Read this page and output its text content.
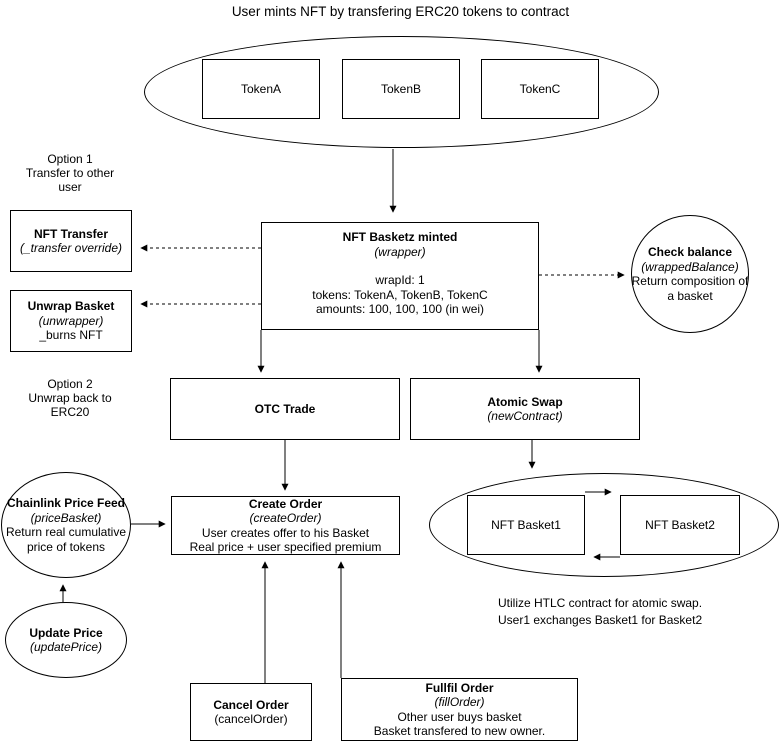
User mints NFT by transfering ERC20 tokens to contract
TokenA	TokenB	TokenC
Option 1
Transfer to other
user
NFT Transfer
(_transfer override)
Unwrap Basket
(unwrapper)
_burns NFT
NFT Basketz minted
(wrapper)
wrapId: 1
tokens: TokenA, TokenB, TokenC
amounts: 100, 100, 100 (in wei)
Check balance
(wrappedBalance)
Return composition of
a basket
Option 2
Unwrap back to
ERC20	OTC Trade
Atomic Swap
(newContract)
Chainlink Price Feed
(priceBasket)
Return real cumulative
price of tokens
Create Order
(createOrder)
User creates offer to his Basket
Real price + user specified premium
NFT Basket1	NFT Basket2
Utilize HTLC contract for atomic swap.
User1 exchanges Basket1 for Basket2
Update Price
(updatePrice)
Cancel Order
(cancelOrder)
Fullfil Order
(fillOrder)
Other user buys basket
Basket transfered to new owner.
